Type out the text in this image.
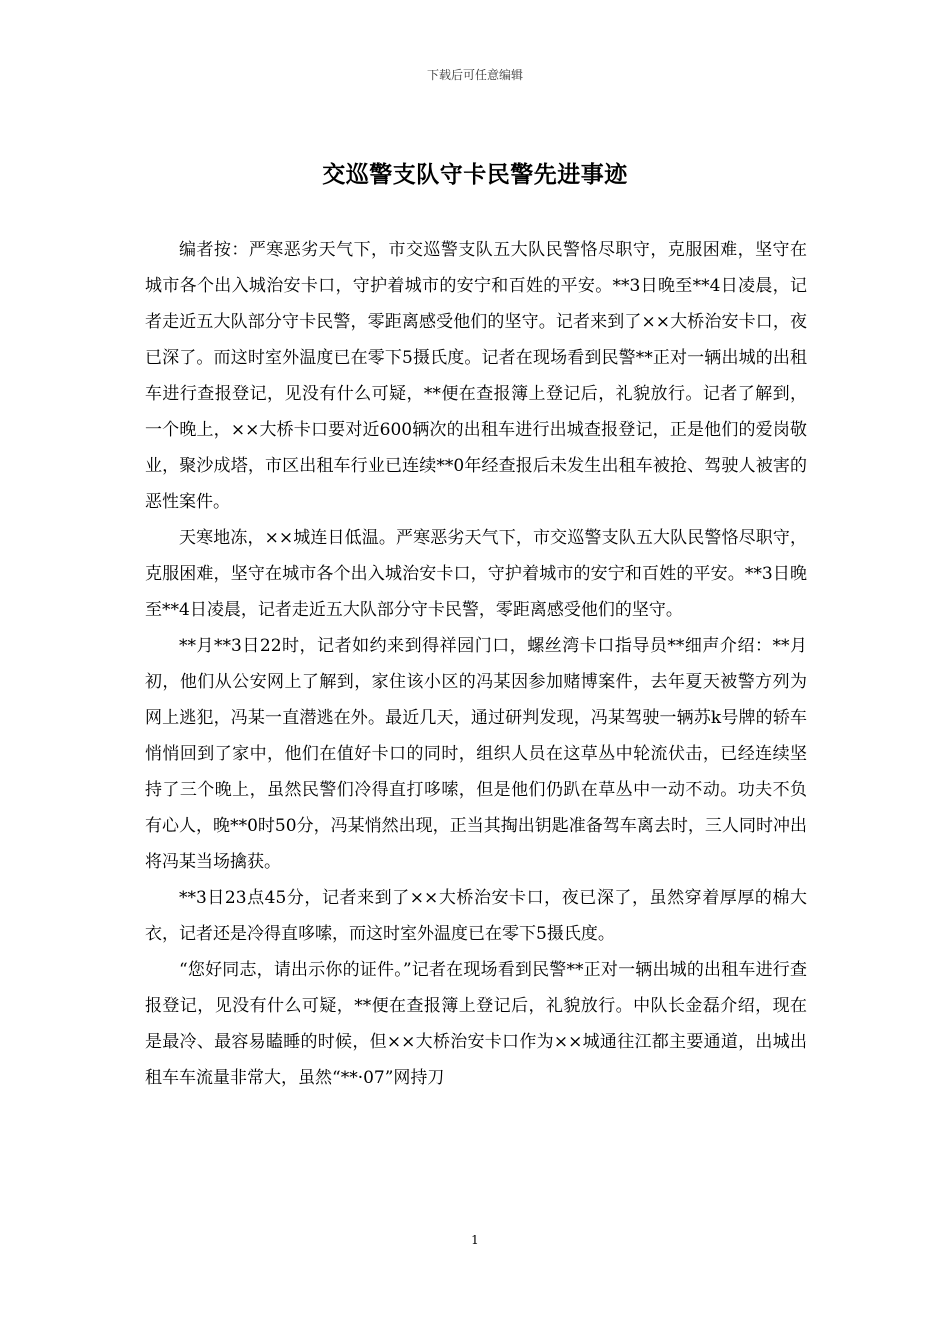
下载后可任意编辑
交巡警支队守卡民警先进事迹

编者按：严寒恶劣天气下，市交巡警支队五大队民警恪尽职守，克服困难，坚守在城市各个出入城治安卡口，守护着城市的安宁和百姓的平安。**3日晚至**4日凌晨，记者走近五大队部分守卡民警，零距离感受他们的坚守。记者来到了××大桥治安卡口，夜已深了。而这时室外温度已在零下5摄氏度。记者在现场看到民警**正对一辆出城的出租车进行查报登记，见没有什么可疑，**便在查报簿上登记后，礼貌放行。记者了解到，一个晚上，××大桥卡口要对近600辆次的出租车进行出城查报登记，正是他们的爱岗敬业，聚沙成塔，市区出租车行业已连续**0年经查报后未发生出租车被抢、驾驶人被害的恶性案件。

天寒地冻，××城连日低温。严寒恶劣天气下，市交巡警支队五大队民警恪尽职守，克服困难，坚守在城市各个出入城治安卡口，守护着城市的安宁和百姓的平安。**3日晚至**4日凌晨，记者走近五大队部分守卡民警，零距离感受他们的坚守。

**月**3日22时，记者如约来到得祥园门口，螺丝湾卡口指导员**细声介绍：**月初，他们从公安网上了解到，家住该小区的冯某因参加赌博案件，去年夏天被警方列为网上逃犯，冯某一直潜逃在外。最近几天，通过研判发现，冯某驾驶一辆苏k号牌的轿车悄悄回到了家中，他们在值好卡口的同时，组织人员在这草丛中轮流伏击，已经连续坚持了三个晚上，虽然民警们冷得直打哆嗦，但是他们仍趴在草丛中一动不动。功夫不负有心人，晚**0时50分，冯某悄然出现，正当其掏出钥匙准备驾车离去时，三人同时冲出将冯某当场擒获。

**3日23点45分，记者来到了××大桥治安卡口，夜已深了，虽然穿着厚厚的棉大衣，记者还是冷得直哆嗦，而这时室外温度已在零下5摄氏度。

“您好同志，请出示你的证件。”记者在现场看到民警**正对一辆出城的出租车进行查报登记，见没有什么可疑，**便在查报簿上登记后，礼貌放行。中队长金磊介绍，现在是最冷、最容易瞌睡的时候，但××大桥治安卡口作为××城通往江都主要通道，出城出租车车流量非常大，虽然“**·07”网持刀

1
